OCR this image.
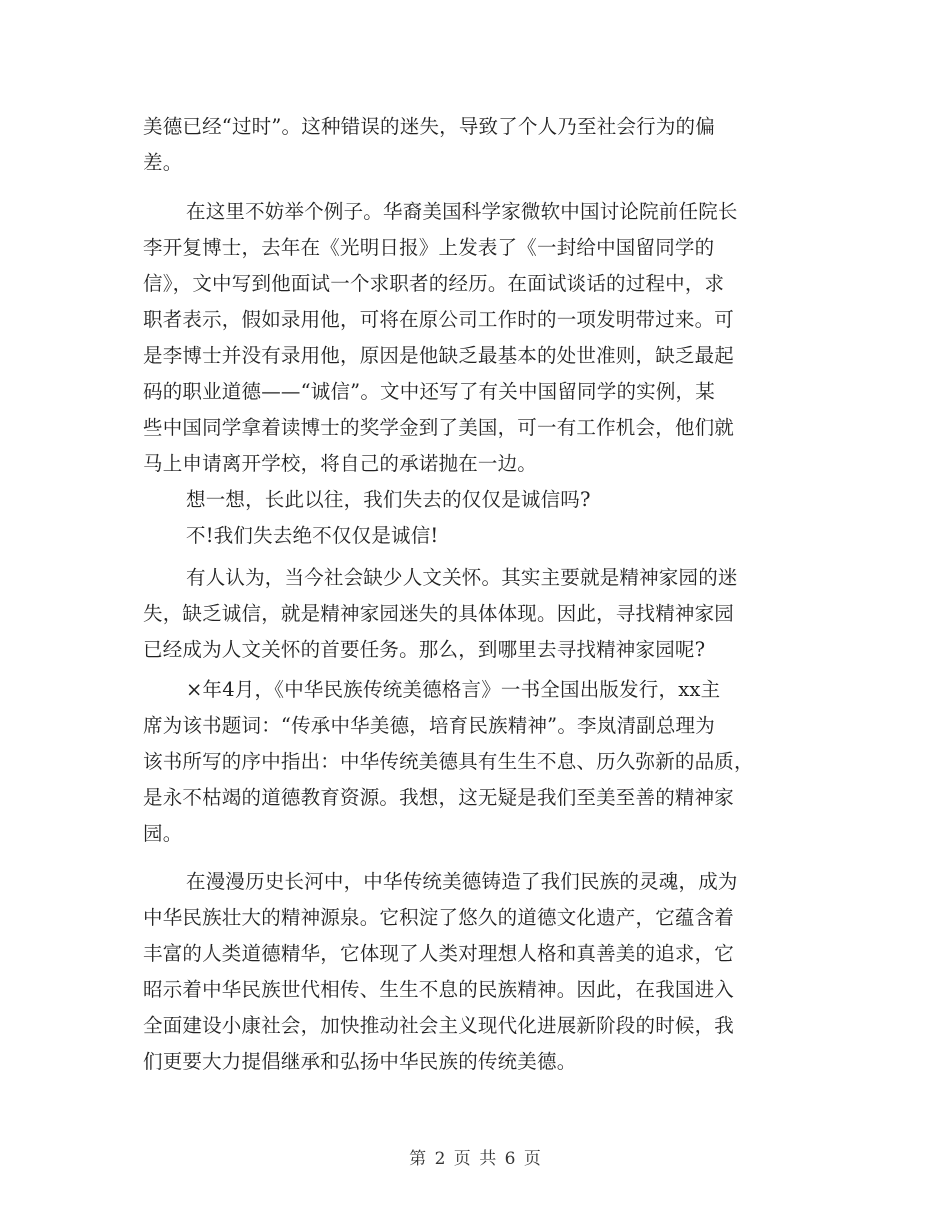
美德已经“过时”。这种错误的迷失，导致了个人乃至社会行为的偏
差。
在这里不妨举个例子。华裔美国科学家微软中国讨论院前任院长
李开复博士，去年在《光明日报》上发表了《一封给中国留同学的
信》，文中写到他面试一个求职者的经历。在面试谈话的过程中，求
职者表示，假如录用他，可将在原公司工作时的一项发明带过来。可
是李博士并没有录用他，原因是他缺乏最基本的处世准则，缺乏最起
码的职业道德——“诚信”。文中还写了有关中国留同学的实例，某
些中国同学拿着读博士的奖学金到了美国，可一有工作机会，他们就
马上申请离开学校，将自己的承诺抛在一边。
想一想，长此以往，我们失去的仅仅是诚信吗?
不!我们失去绝不仅仅是诚信!
有人认为，当今社会缺少人文关怀。其实主要就是精神家园的迷
失，缺乏诚信，就是精神家园迷失的具体体现。因此，寻找精神家园
已经成为人文关怀的首要任务。那么，到哪里去寻找精神家园呢?
×年4月，《中华民族传统美德格言》一书全国出版发行，xx主
席为该书题词：“传承中华美德，培育民族精神”。李岚清副总理为
该书所写的序中指出：中华传统美德具有生生不息、历久弥新的品质，
是永不枯竭的道德教育资源。我想，这无疑是我们至美至善的精神家
园。
在漫漫历史长河中，中华传统美德铸造了我们民族的灵魂，成为
中华民族壮大的精神源泉。它积淀了悠久的道德文化遗产，它蕴含着
丰富的人类道德精华，它体现了人类对理想人格和真善美的追求，它
昭示着中华民族世代相传、生生不息的民族精神。因此，在我国进入
全面建设小康社会，加快推动社会主义现代化进展新阶段的时候，我
们更要大力提倡继承和弘扬中华民族的传统美德。
第 2 页 共 6 页
